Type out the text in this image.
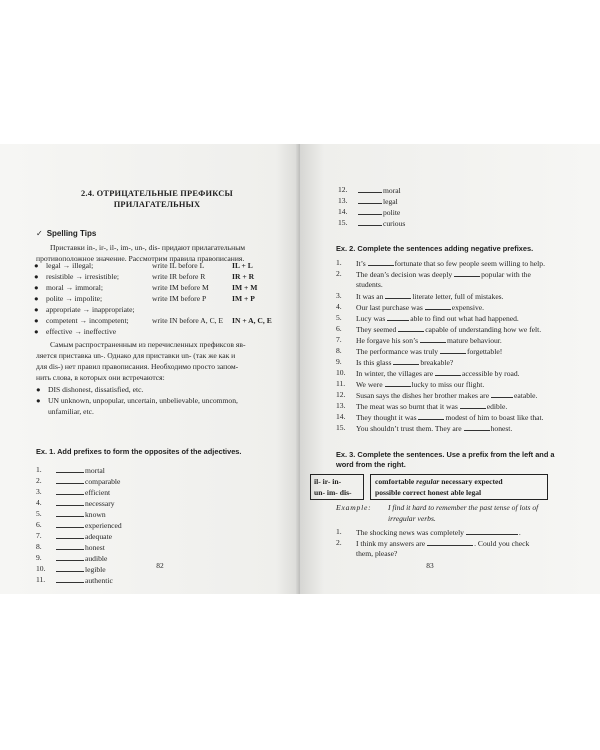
2.4. ОТРИЦАТЕЛЬНЫЕ ПРЕФИКСЫ
ПРИЛАГАТЕЛЬНЫХ
✓ Spelling Tips
Приставки in-, ir-, il-, im-, un-, dis- придают прилагательным
противоположное значение. Рассмотрим правила правописания.
● legal → illegal;	write IL before L	IL + L
● resistible → irresistible;	write IR before R	IR + R
● moral → immoral;	write IM before M	IM + M
● polite → impolite;	write IM before P	IM + P
● appropriate → inappropriate;
● competent → incompetent;	write IN before A, C, E IN + A, C, E
● effective → ineffective
Самым распространенным из перечисленных префиксов яв-
ляется приставка un-. Однако для приставки un- (так же как и
для dis-) нет правил правописания. Необходимо просто запом-
нить слова, в которых они встречаются:
● DIS dishonest, dissatisfied, etc.
● UN unknown, unpopular, uncertain, unbelievable, uncommon,
unfamiliar, etc.
Ex. 1. Add prefixes to form the opposites of the adjectives.
1.	mortal
2.	comparable
3.	efficient
4.	necessary
5.	known
6.	experienced
7.	adequate
8.	honest
9.	audible
10.	legible
11.	authentic
82
12.	moral
13.	legal
14.	polite
15.	curious
Ex. 2. Complete the sentences adding negative prefixes.
1. It’s	fortunate that so few people seem willing to help.
2. The dean’s decision was deeply	popular with the
students.
3. It was an	literate letter, full of mistakes.
4. Our last purchase was	expensive.
5. Lucy was	able to find out what had happened.
6. They seemed	capable of understanding how we felt.
7. He forgave his son’s	mature behaviour.
8. The performance was truly	forgettable!
9. Is this glass	breakable?
10. In winter, the villages are	accessible by road.
11. We were	lucky to miss our flight.
12. Susan says the dishes her brother makes are	eatable.
13. The meat was so burnt that it was	edible.
14. They thought it was	modest of him to boast like that.
15. You shouldn’t trust them. They are	honest.
Ex. 3. Complete the sentences. Use a prefix from the left and a
word from the right.
il- ir- in-
un- im- dis-
comfortable regular necessary expected
possible correct honest able legal
Example: I find it hard to remember the past tense of lots of
irregular verbs.
1. The shocking news was completely	.
2. I think my answers are	. Could you check
them, please?
83
